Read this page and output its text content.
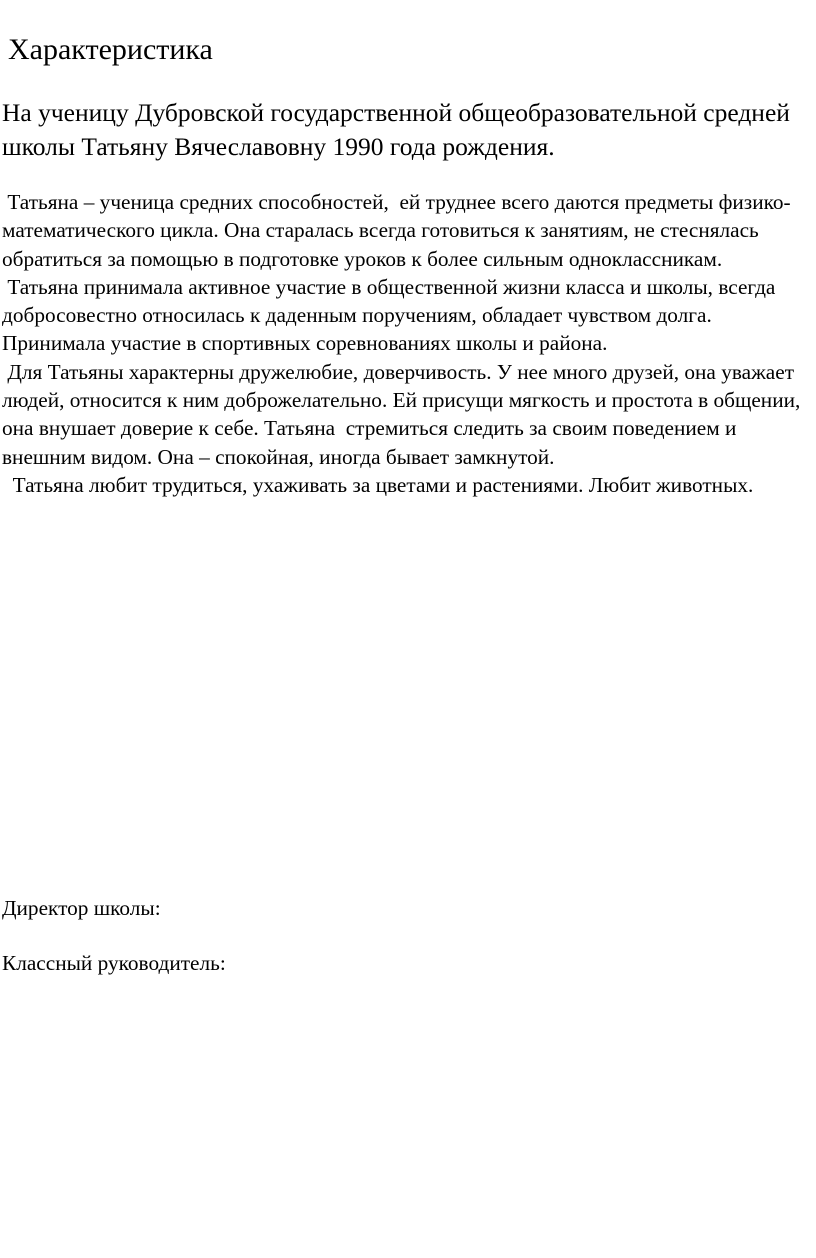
Характеристика

На ученицу Дубровской государственной общеобразовательной средней школы Татьяну Вячеславовну 1990 года рождения.

Татьяна – ученица средних способностей,  ей труднее всего даются предметы физико-математического цикла. Она старалась всегда готовиться к занятиям, не стеснялась обратиться за помощью в подготовке уроков к более сильным одноклассникам.

Татьяна принимала активное участие в общественной жизни класса и школы, всегда добросовестно относилась к даденным поручениям, обладает чувством долга. Принимала участие в спортивных соревнованиях школы и района.

Для Татьяны характерны дружелюбие, доверчивость. У нее много друзей, она уважает людей, относится к ним доброжелательно. Ей присущи мягкость и простота в общении, она внушает доверие к себе. Татьяна  стремиться следить за своим поведением и внешним видом. Она – спокойная, иногда бывает замкнутой.

Татьяна любит трудиться, ухаживать за цветами и растениями. Любит животных.

Директор школы:

Классный руководитель:
